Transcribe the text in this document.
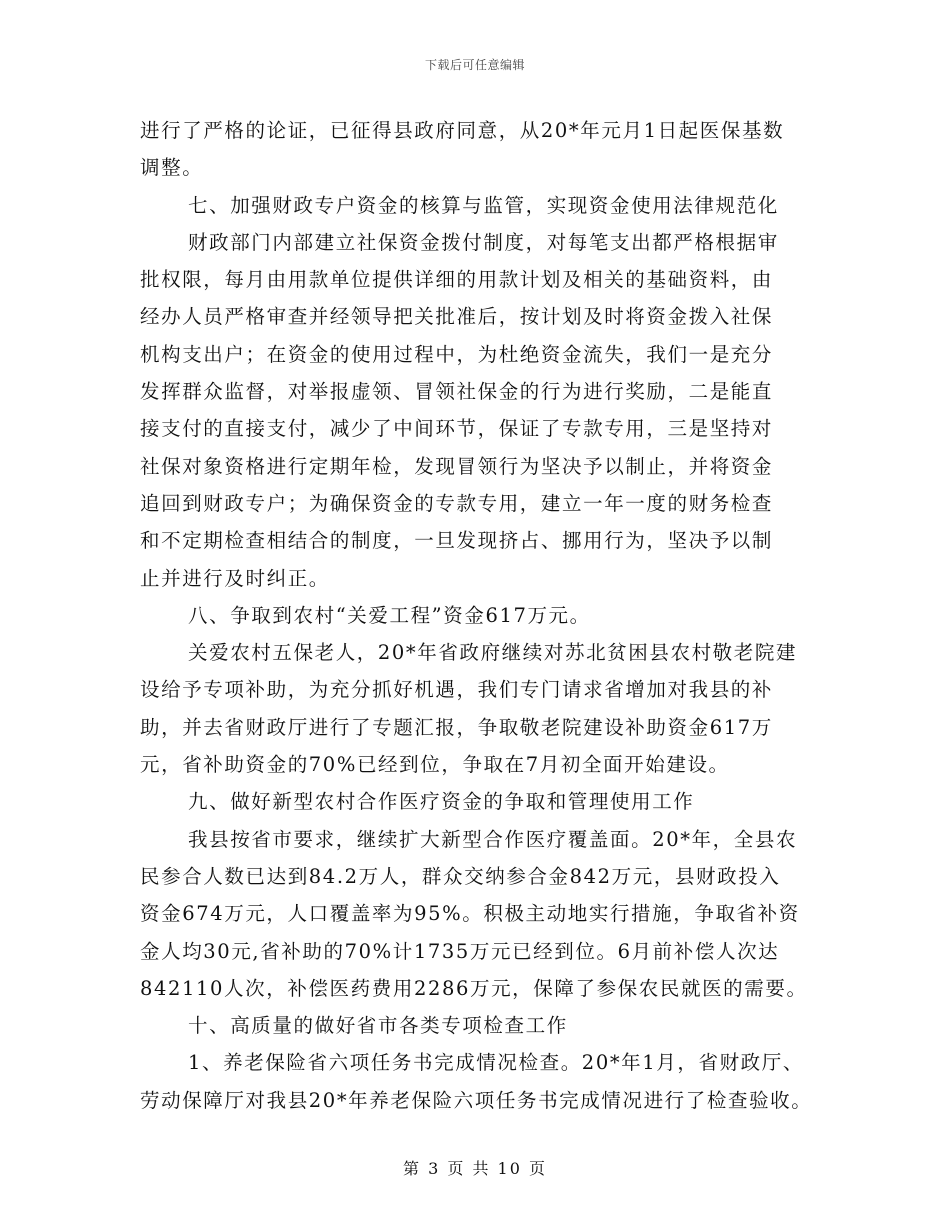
下载后可任意编辑
进行了严格的论证，已征得县政府同意，从20*年元月1日起医保基数
调整。
七、加强财政专户资金的核算与监管，实现资金使用法律规范化
财政部门内部建立社保资金拨付制度，对每笔支出都严格根据审
批权限，每月由用款单位提供详细的用款计划及相关的基础资料，由
经办人员严格审查并经领导把关批准后，按计划及时将资金拨入社保
机构支出户；在资金的使用过程中，为杜绝资金流失，我们一是充分
发挥群众监督，对举报虚领、冒领社保金的行为进行奖励，二是能直
接支付的直接支付，减少了中间环节，保证了专款专用，三是坚持对
社保对象资格进行定期年检，发现冒领行为坚决予以制止，并将资金
追回到财政专户；为确保资金的专款专用，建立一年一度的财务检查
和不定期检查相结合的制度，一旦发现挤占、挪用行为，坚决予以制
止并进行及时纠正。
八、争取到农村“关爱工程”资金617万元。
关爱农村五保老人，20*年省政府继续对苏北贫困县农村敬老院建
设给予专项补助，为充分抓好机遇，我们专门请求省增加对我县的补
助，并去省财政厅进行了专题汇报，争取敬老院建设补助资金617万
元，省补助资金的70%已经到位，争取在7月初全面开始建设。
九、做好新型农村合作医疗资金的争取和管理使用工作
我县按省市要求，继续扩大新型合作医疗覆盖面。20*年，全县农
民参合人数已达到84.2万人，群众交纳参合金842万元，县财政投入
资金674万元，人口覆盖率为95%。积极主动地实行措施，争取省补资
金人均30元,省补助的70%计1735万元已经到位。6月前补偿人次达
842110人次，补偿医药费用2286万元，保障了参保农民就医的需要。
十、高质量的做好省市各类专项检查工作
1、养老保险省六项任务书完成情况检查。20*年1月，省财政厅、
劳动保障厅对我县20*年养老保险六项任务书完成情况进行了检查验收。
第 3 页 共 10 页
